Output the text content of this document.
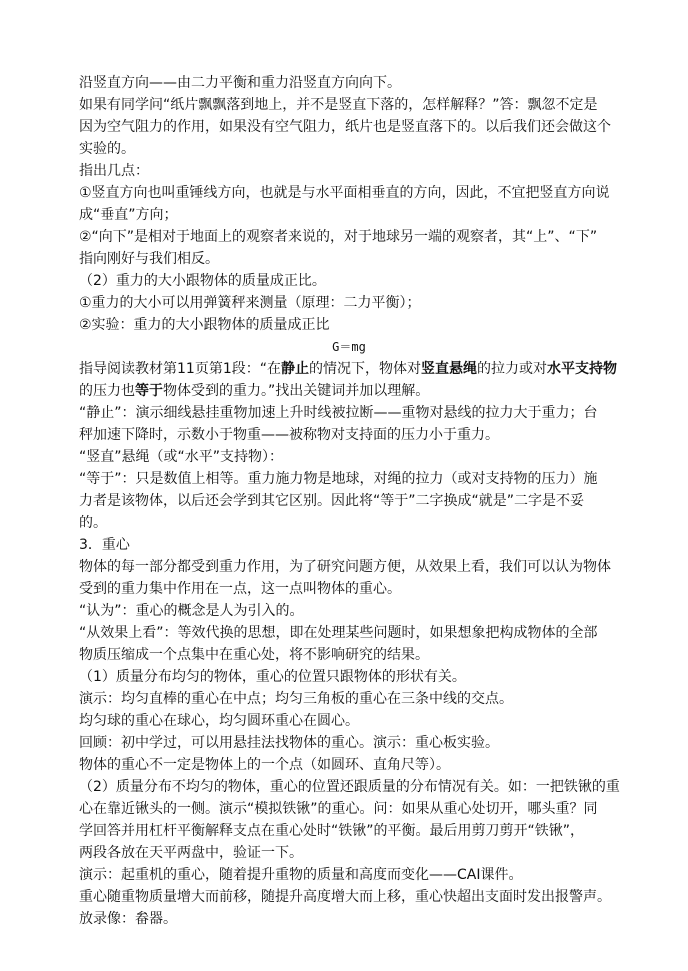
沿竖直方向——由二力平衡和重力沿竖直方向向下。
如果有同学问“纸片飘飘落到地上，并不是竖直下落的，怎样解释？”答：飘忽不定是
因为空气阻力的作用，如果没有空气阻力，纸片也是竖直落下的。以后我们还会做这个
实验的。
指出几点：
①竖直方向也叫重锤线方向，也就是与水平面相垂直的方向，因此，不宜把竖直方向说
成“垂直”方向；
②“向下”是相对于地面上的观察者来说的，对于地球另一端的观察者，其“上”、“下”
指向刚好与我们相反。
（2）重力的大小跟物体的质量成正比。
①重力的大小可以用弹簧秤来测量（原理：二力平衡）；
②实验：重力的大小跟物体的质量成正比
G＝mg
指导阅读教材第11页第1段：“在静止的情况下，物体对竖直悬绳的拉力或对水平支持物
的压力也等于物体受到的重力。”找出关键词并加以理解。
“静止”：演示细线悬挂重物加速上升时线被拉断——重物对悬线的拉力大于重力；台
秤加速下降时，示数小于物重——被称物对支持面的压力小于重力。
“竖直”悬绳（或“水平”支持物）：
“等于”：只是数值上相等。重力施力物是地球，对绳的拉力（或对支持物的压力）施
力者是该物体，以后还会学到其它区别。因此将“等于”二字换成“就是”二字是不妥
的。
3．重心
物体的每一部分都受到重力作用，为了研究问题方便，从效果上看，我们可以认为物体
受到的重力集中作用在一点，这一点叫物体的重心。
“认为”：重心的概念是人为引入的。
“从效果上看”：等效代换的思想，即在处理某些问题时，如果想象把构成物体的全部
物质压缩成一个点集中在重心处，将不影响研究的结果。
（1）质量分布均匀的物体，重心的位置只跟物体的形状有关。
演示：均匀直棒的重心在中点；均匀三角板的重心在三条中线的交点。
均匀球的重心在球心，均匀圆环重心在圆心。
回顾：初中学过，可以用悬挂法找物体的重心。演示：重心板实验。
物体的重心不一定是物体上的一个点（如圆环、直角尺等）。
（2）质量分布不均匀的物体，重心的位置还跟质量的分布情况有关。如：一把铁锹的重
心在靠近锹头的一侧。演示“模拟铁锹”的重心。问：如果从重心处切开，哪头重？同
学回答并用杠杆平衡解释支点在重心处时“铁锹”的平衡。最后用剪刀剪开“铁锹”，
两段各放在天平两盘中，验证一下。
演示：起重机的重心，随着提升重物的质量和高度而变化——CAI课件。
重心随重物质量增大而前移，随提升高度增大而上移，重心快超出支面时发出报警声。
放录像：畚器。
